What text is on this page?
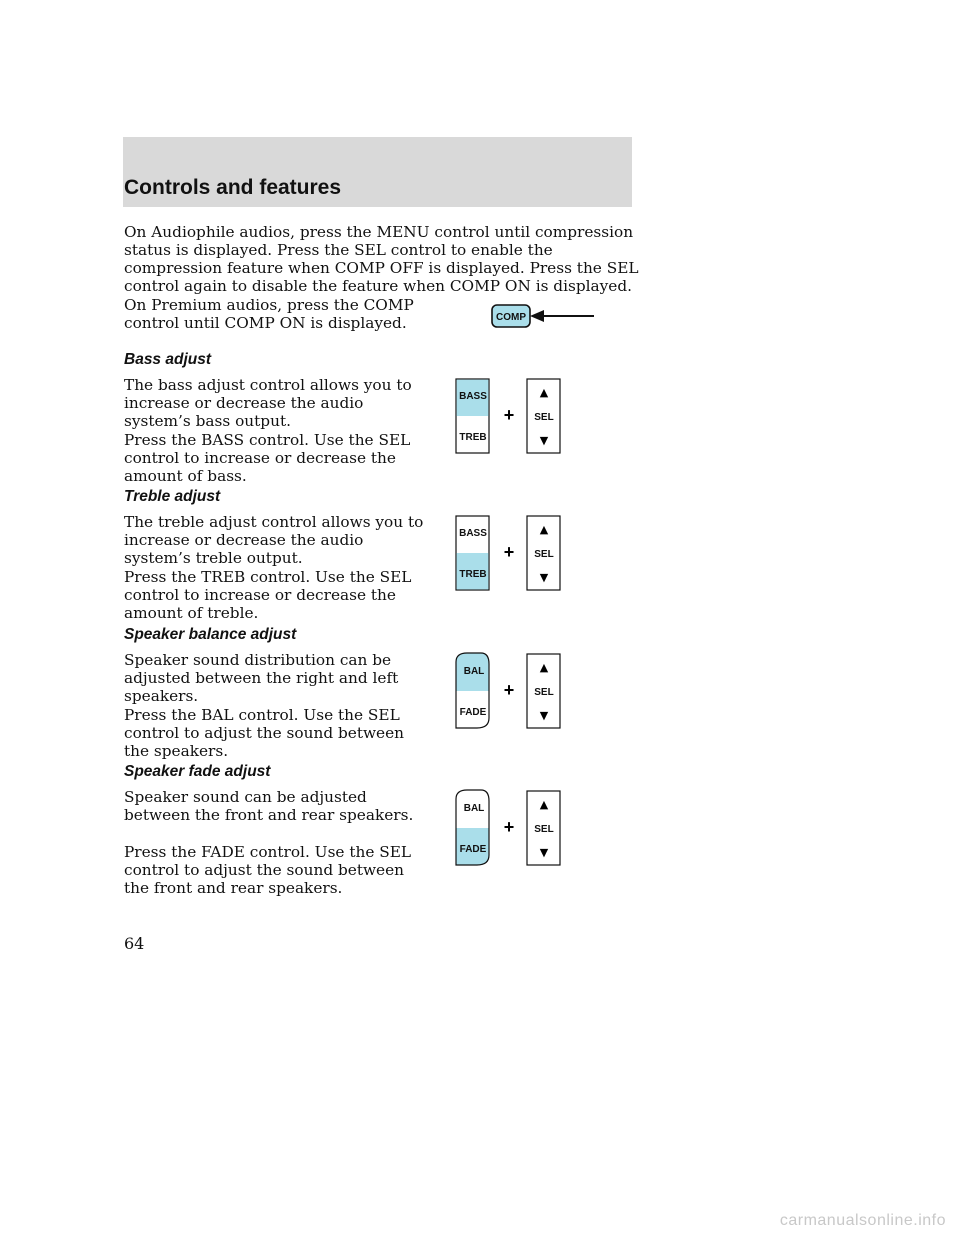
Controls and features

On Audiophile audios, press the MENU control until compression status is displayed. Press the SEL control to enable the compression feature when COMP OFF is displayed. Press the SEL control again to disable the feature when COMP ON is displayed.

On Premium audios, press the COMP control until COMP ON is displayed.	COMP
Bass adjust

The bass adjust control allows you to increase or decrease the audio system’s bass output.

Press the BASS control. Use the SEL control to increase or decrease the amount of bass.

BASS
TREB
+
▲
SEL
▼
Treble adjust

The treble adjust control allows you to increase or decrease the audio system’s treble output.

Press the TREB control. Use the SEL control to increase or decrease the amount of treble.

BASS
TREB
+
▲
SEL
▼
Speaker balance adjust

Speaker sound distribution can be adjusted between the right and left speakers.

Press the BAL control. Use the SEL control to adjust the sound between the speakers.

BAL
FADE
+
▲
SEL
▼
Speaker fade adjust

Speaker sound can be adjusted between the front and rear speakers.

Press the FADE control. Use the SEL control to adjust the sound between the front and rear speakers.

BAL
FADE
+
▲
SEL
▼

64

carmanualsonline.info
